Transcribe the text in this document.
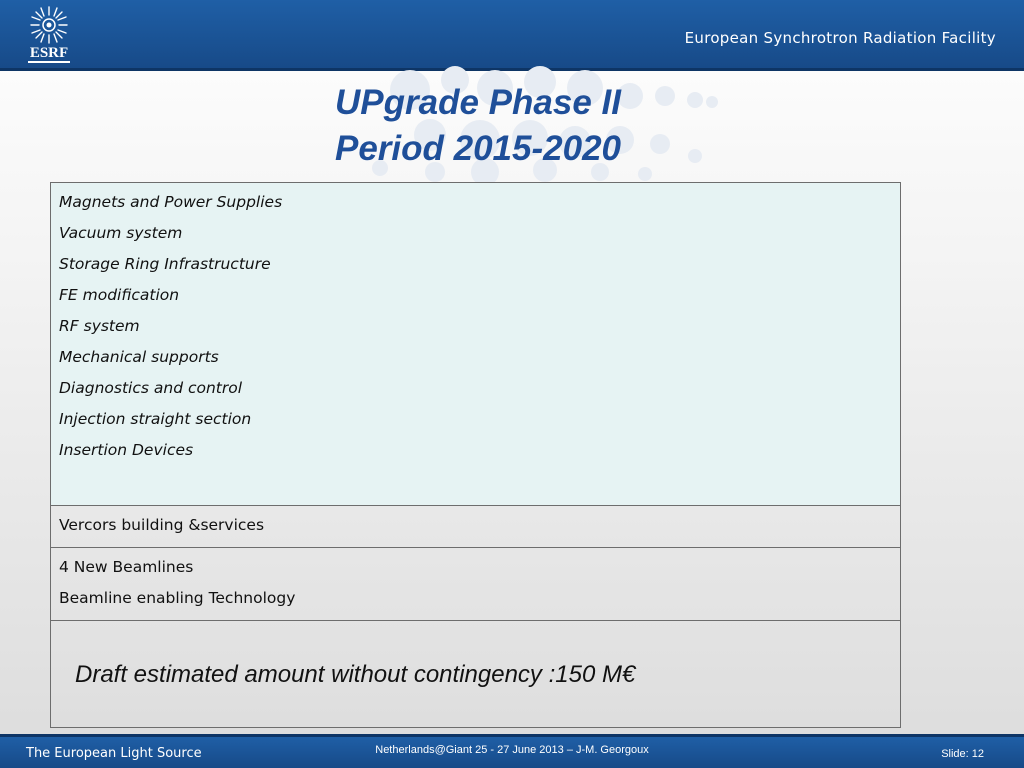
ESRF
European Synchrotron Radiation Facility
UPgrade Phase II
Period 2015-2020
Magnets and Power Supplies
Vacuum system
Storage Ring Infrastructure
FE modification
RF system
Mechanical supports
Diagnostics and control
Injection straight section
Insertion Devices

Vercors building &services

4 New Beamlines
Beamline enabling Technology

Draft estimated amount without contingency :150 M€
The European Light Source	Netherlands@Giant 25 - 27 June 2013 – J-M. Georgoux	Slide: 12
